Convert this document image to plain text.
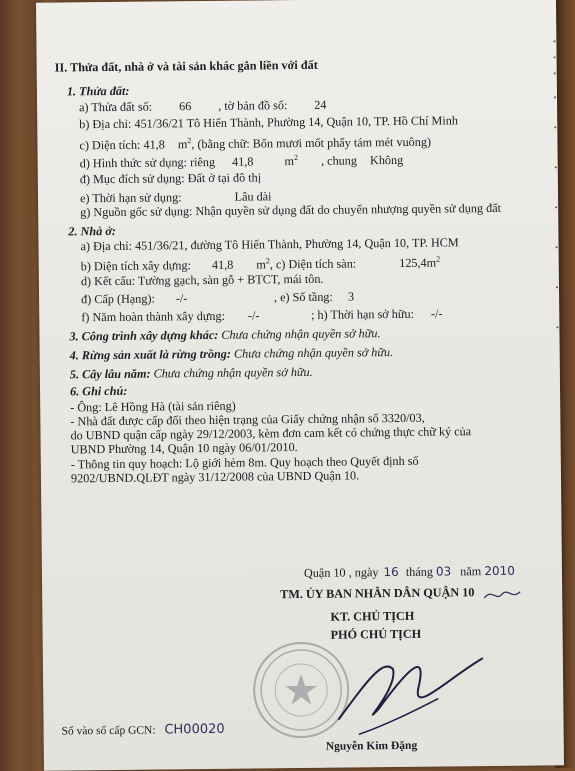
II. Thửa đất, nhà ở và tài sản khác gắn liền với đất
1. Thửa đất:
a) Thửa đất số: 66 , tờ bản đồ số: 24
b) Địa chỉ: 451/36/21 Tô Hiến Thành, Phường 14, Quận 10, TP. Hồ Chí Minh
c) Diện tích: 41,8 $m^2$, (bằng chữ: Bốn mươi mốt phẩy tám mét vuông)
d) Hình thức sử dụng: riêng 41,8	$m^2$ , chung Không
đ) Mục đích sử dụng: Đất ở tại đô thị
e) Thời hạn sử dụng:	Lâu dài
g) Nguồn gốc sử dụng: Nhận quyền sử dụng đất do chuyển nhượng quyền sử dụng đất
2. Nhà ở:
a) Địa chỉ: 451/36/21, đường Tô Hiến Thành, Phường 14, Quận 10, TP. HCM
b) Diện tích xây dựng: 41,8 $m^2$, c) Diện tích sàn:	$125,4m^2$
d) Kết cấu: Tường gạch, sàn gỗ + BTCT, mái tôn.
đ) Cấp (Hạng): -/-	, e) Số tầng: 3
f) Năm hoàn thành xây dựng: -/-	; h) Thời hạn sở hữu: -/-
3. Công trình xây dựng khác: Chưa chứng nhận quyền sở hữu.
4. Rừng sản xuất là rừng trồng: Chưa chứng nhận quyền sở hữu.
5. Cây lâu năm: Chưa chứng nhận quyền sở hữu.
6. Ghi chú:
- Ông: Lê Hồng Hà (tài sản riêng)
- Nhà đất được cấp đổi theo hiện trạng của Giấy chứng nhận số 3320/03,
do UBND quận cấp ngày 29/12/2003, kèm đơn cam kết có chứng thực chữ ký của
UBND Phường 14, Quận 10 ngày 06/01/2010.
- Thông tin quy hoạch: Lộ giới hẻm 8m. Quy hoạch theo Quyết định số
9202/UBND.QLĐT ngày 31/12/2008 của UBND Quận 10.
Quận 10 , ngày 16 tháng 03 năm 2010
TM. ỦY BAN NHÂN DÂN QUẬN 10
KT. CHỦ TỊCH
PHÓ CHỦ TỊCH
Số vào sổ cấp GCN: CH00020
Nguyễn Kim Đặng
